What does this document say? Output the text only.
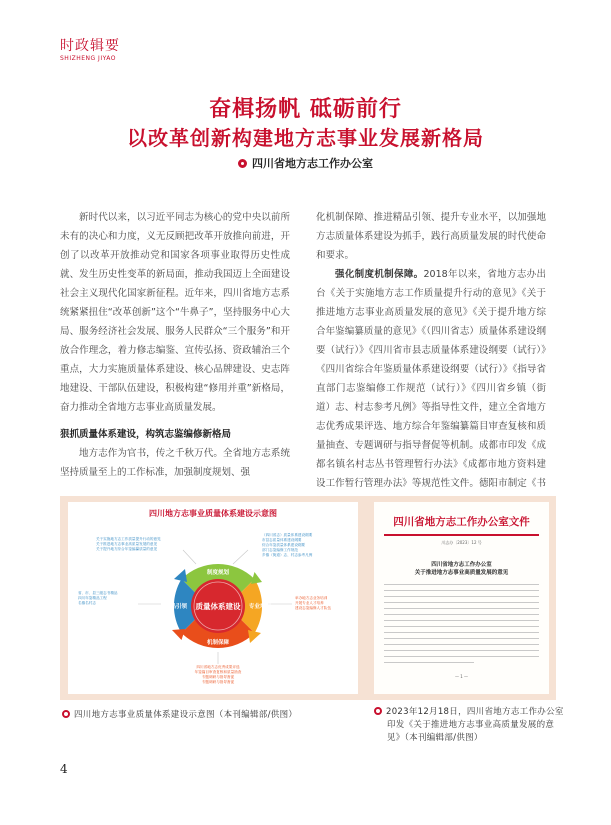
时政辑要
SHIZHENG JIYAO
奋楫扬帆 砥砺前行
以改革创新构建地方志事业发展新格局
四川省地方志工作办公室

新时代以来，以习近平同志为核心的党中央以前所未有的决心和力度，义无反顾把改革开放推向前进，开创了以改革开放推动党和国家各项事业取得历史性成就、发生历史性变革的新局面，推动我国迈上全面建设社会主义现代化国家新征程。近年来，四川省地方志系统紧紧扭住“改革创新”这个“牛鼻子”，坚持服务中心大局、服务经济社会发展、服务人民群众“三个服务”和开放合作理念，着力修志编鉴、宣传弘扬、资政辅治三个重点，大力实施质量体系建设、核心品牌建设、史志阵地建设、干部队伍建设，积极构建“修用并重”新格局，奋力推动全省地方志事业高质量发展。

狠抓质量体系建设，构筑志鉴编修新格局

地方志作为官书，传之千秋万代。全省地方志系统坚持质量至上的工作标准，加强制度规划、强

化机制保障、推进精品引领、提升专业水平，以加强地方志质量体系建设为抓手，践行高质量发展的时代使命和要求。

强化制度机制保障。2018年以来，省地方志办出台《关于实施地方志工作质量提升行动的意见》《关于推进地方志事业高质量发展的意见》《关于提升地方综合年鉴编纂质量的意见》《（四川省志）质量体系建设纲要（试行）》《四川省市县志质量体系建设纲要（试行）》《四川省综合年鉴质量体系建设纲要（试行）》《指导省直部门志鉴编修工作规范（试行）》《四川省乡镇（街道）志、村志参考凡例》等指导性文件，建立全省地方志优秀成果评选、地方综合年鉴编纂篇目审查复核和质量抽查、专题调研与指导督促等机制。成都市印发《成都名镇名村志丛书管理暂行办法》《成都市地方资料建设工作暂行管理办法》等规范性文件。德阳市制定《书

四川地方志事业质量体系建设示意图
质量体系建设
制度规划
专业培训
机制保障
精品引领
关于实施地方志工作质量提升行动的意见关于推进地方志事业高质量发展的意见关于提升地方综合年鉴编纂质量的意见
（四川省志）质量体系建设纲要市县志质量体系建设纲要综合年鉴质量体系建设纲要部门志鉴编修工作规范乡镇（街道）志、村志参考凡例
省、市、县三级志书精品四川年鉴精品工程名镇名村志
举办地方志业务培训开展专业人才培养建设志鉴编修人才队伍
四川省地方志优秀成果评选年鉴篇目审查复核和质量抽查专题调研与指导督促专题调研与指导督促
四川省地方志工作办公室文件
川志办〔2023〕12 号
四川省地方志工作办公室
关于推进地方志事业高质量发展的意见
— 1 —
四川地方志事业质量体系建设示意图（本刊编辑部/供图）	2023年12月18日，四川省地方志工作办公室印发《关于推进地方志事业高质量发展的意见》（本刊编辑部/供图）
4
